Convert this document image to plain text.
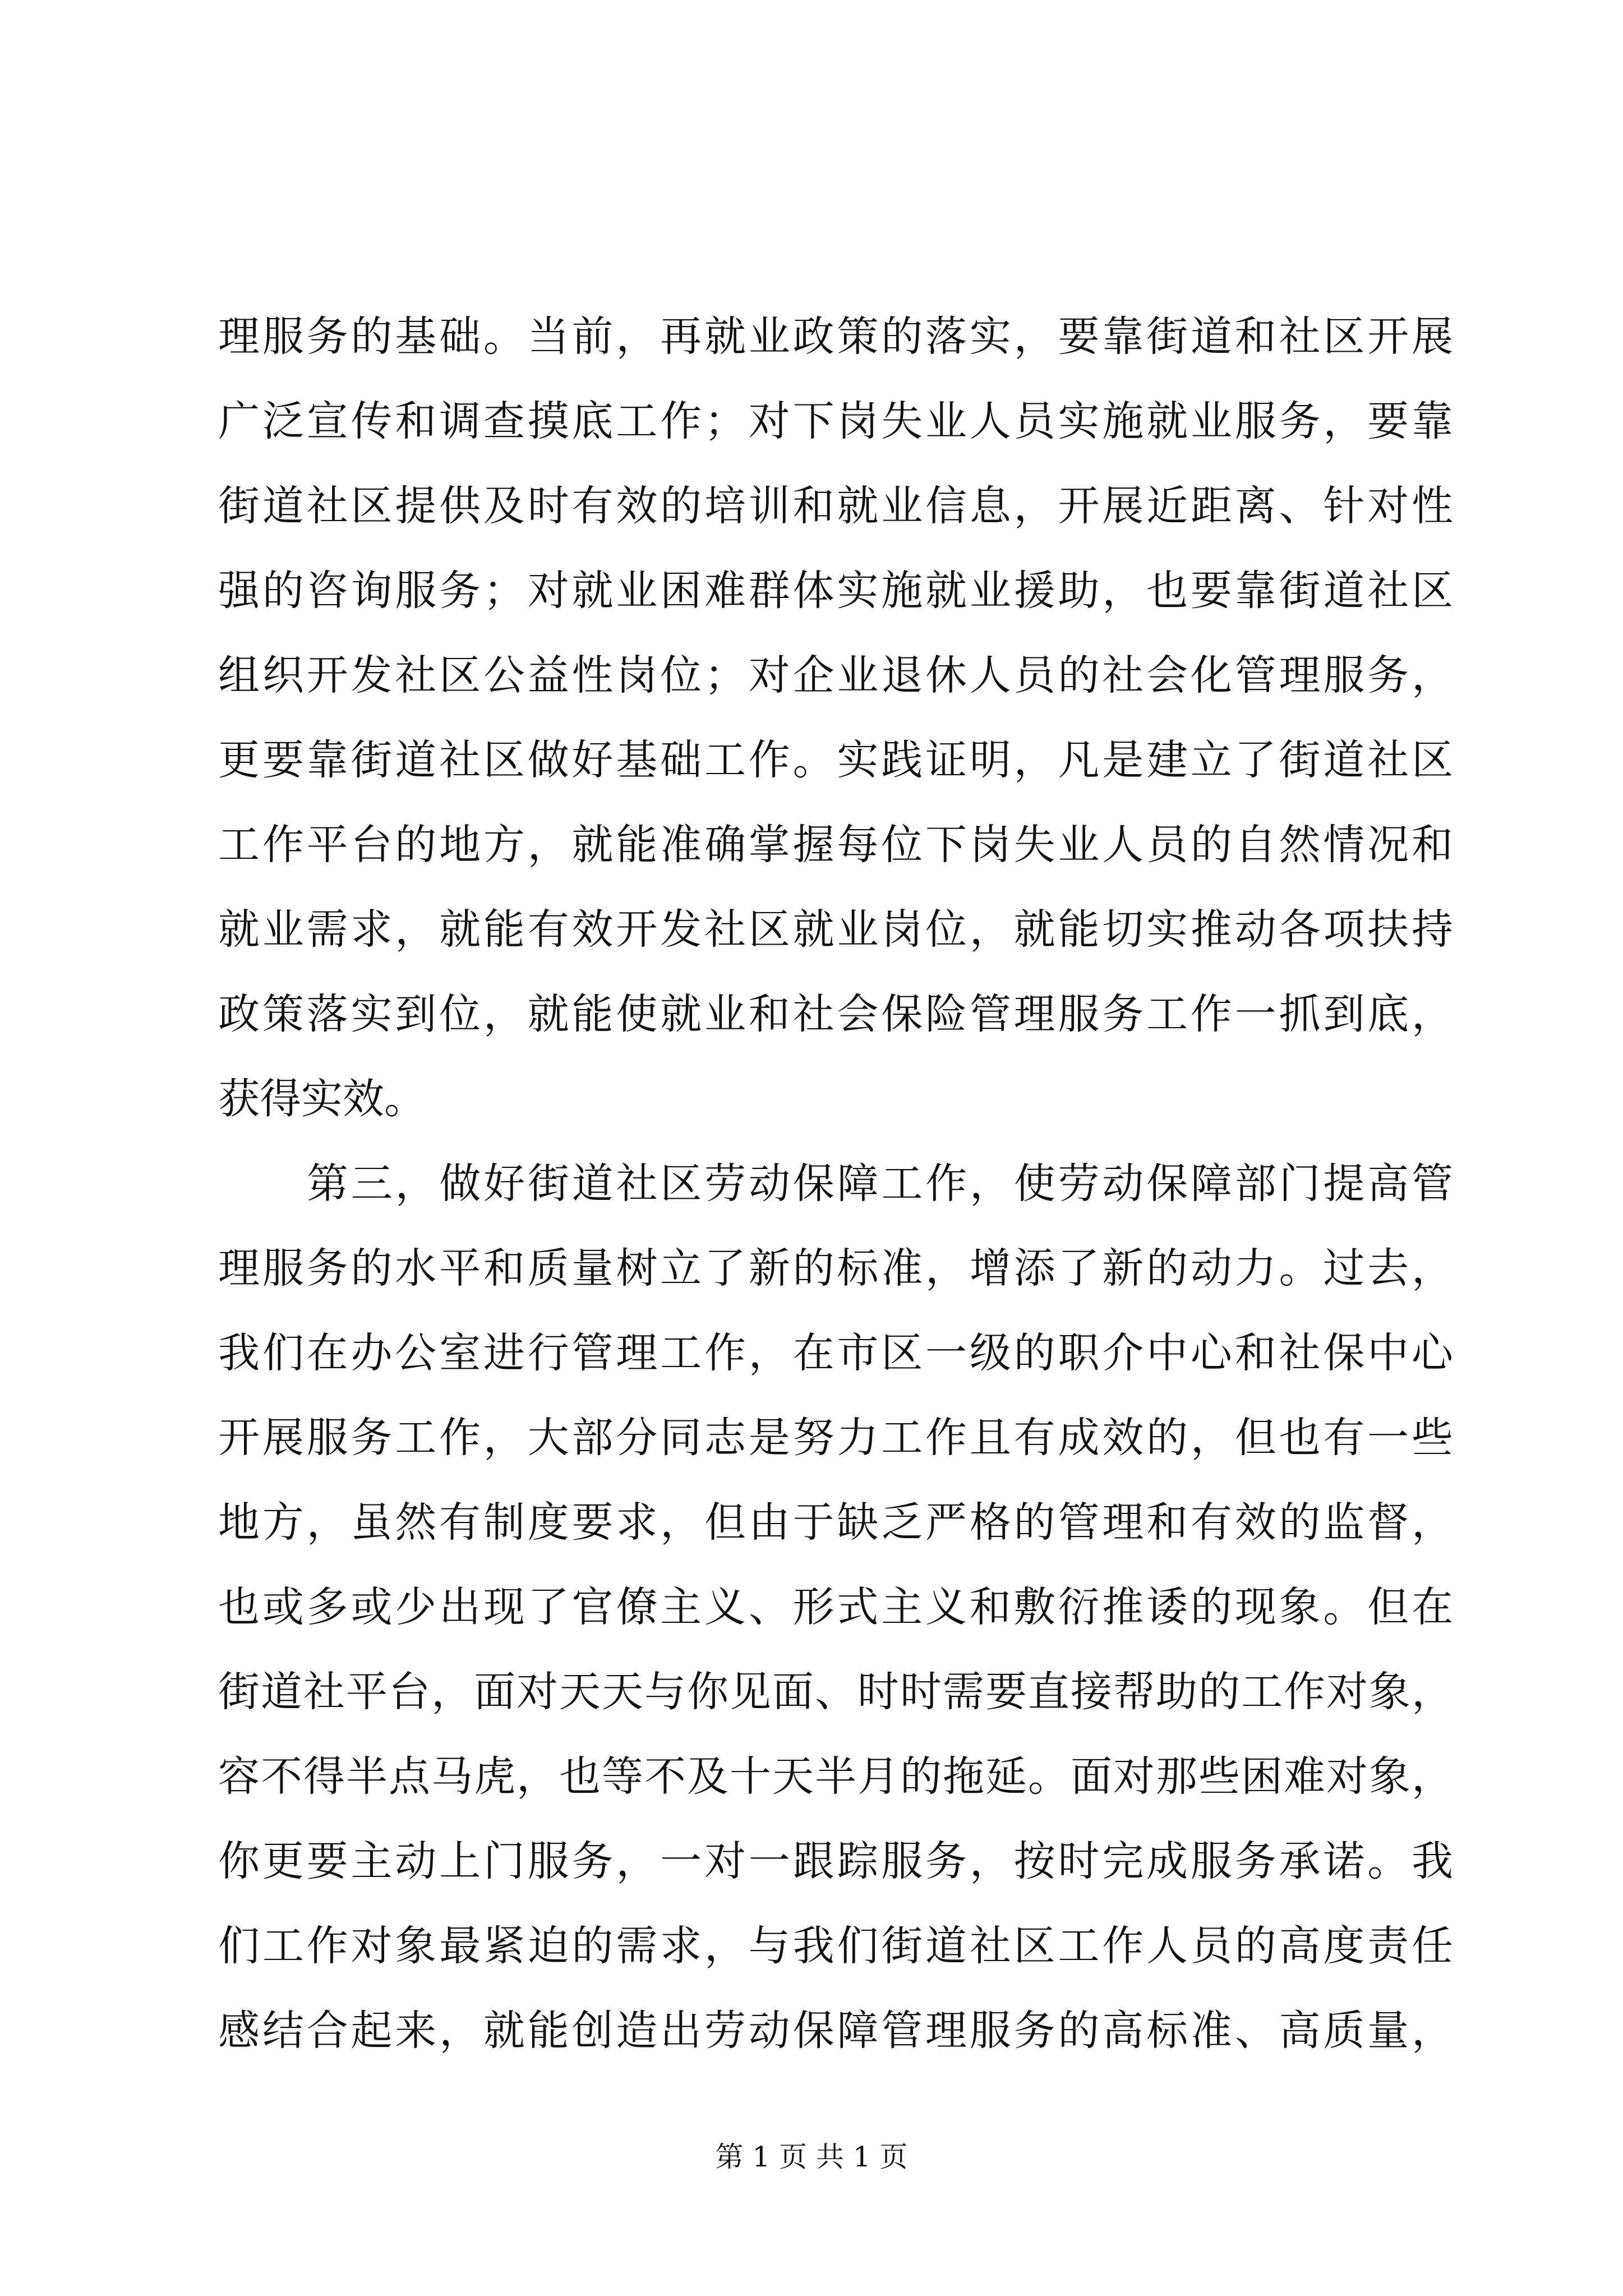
理服务的基础。当前，再就业政策的落实，要靠街道和社区开展
广泛宣传和调查摸底工作；对下岗失业人员实施就业服务，要靠
街道社区提供及时有效的培训和就业信息，开展近距离、针对性
强的咨询服务；对就业困难群体实施就业援助，也要靠街道社区
组织开发社区公益性岗位；对企业退休人员的社会化管理服务，
更要靠街道社区做好基础工作。实践证明，凡是建立了街道社区
工作平台的地方，就能准确掌握每位下岗失业人员的自然情况和
就业需求，就能有效开发社区就业岗位，就能切实推动各项扶持
政策落实到位，就能使就业和社会保险管理服务工作一抓到底，
获得实效。
第三，做好街道社区劳动保障工作，使劳动保障部门提高管
理服务的水平和质量树立了新的标准，增添了新的动力。过去，
我们在办公室进行管理工作，在市区一级的职介中心和社保中心
开展服务工作，大部分同志是努力工作且有成效的，但也有一些
地方，虽然有制度要求，但由于缺乏严格的管理和有效的监督，
也或多或少出现了官僚主义、形式主义和敷衍推诿的现象。但在
街道社平台，面对天天与你见面、时时需要直接帮助的工作对象，
容不得半点马虎，也等不及十天半月的拖延。面对那些困难对象，
你更要主动上门服务，一对一跟踪服务，按时完成服务承诺。我
们工作对象最紧迫的需求，与我们街道社区工作人员的高度责任
感结合起来，就能创造出劳动保障管理服务的高标准、高质量，
第 1 页 共 1 页
